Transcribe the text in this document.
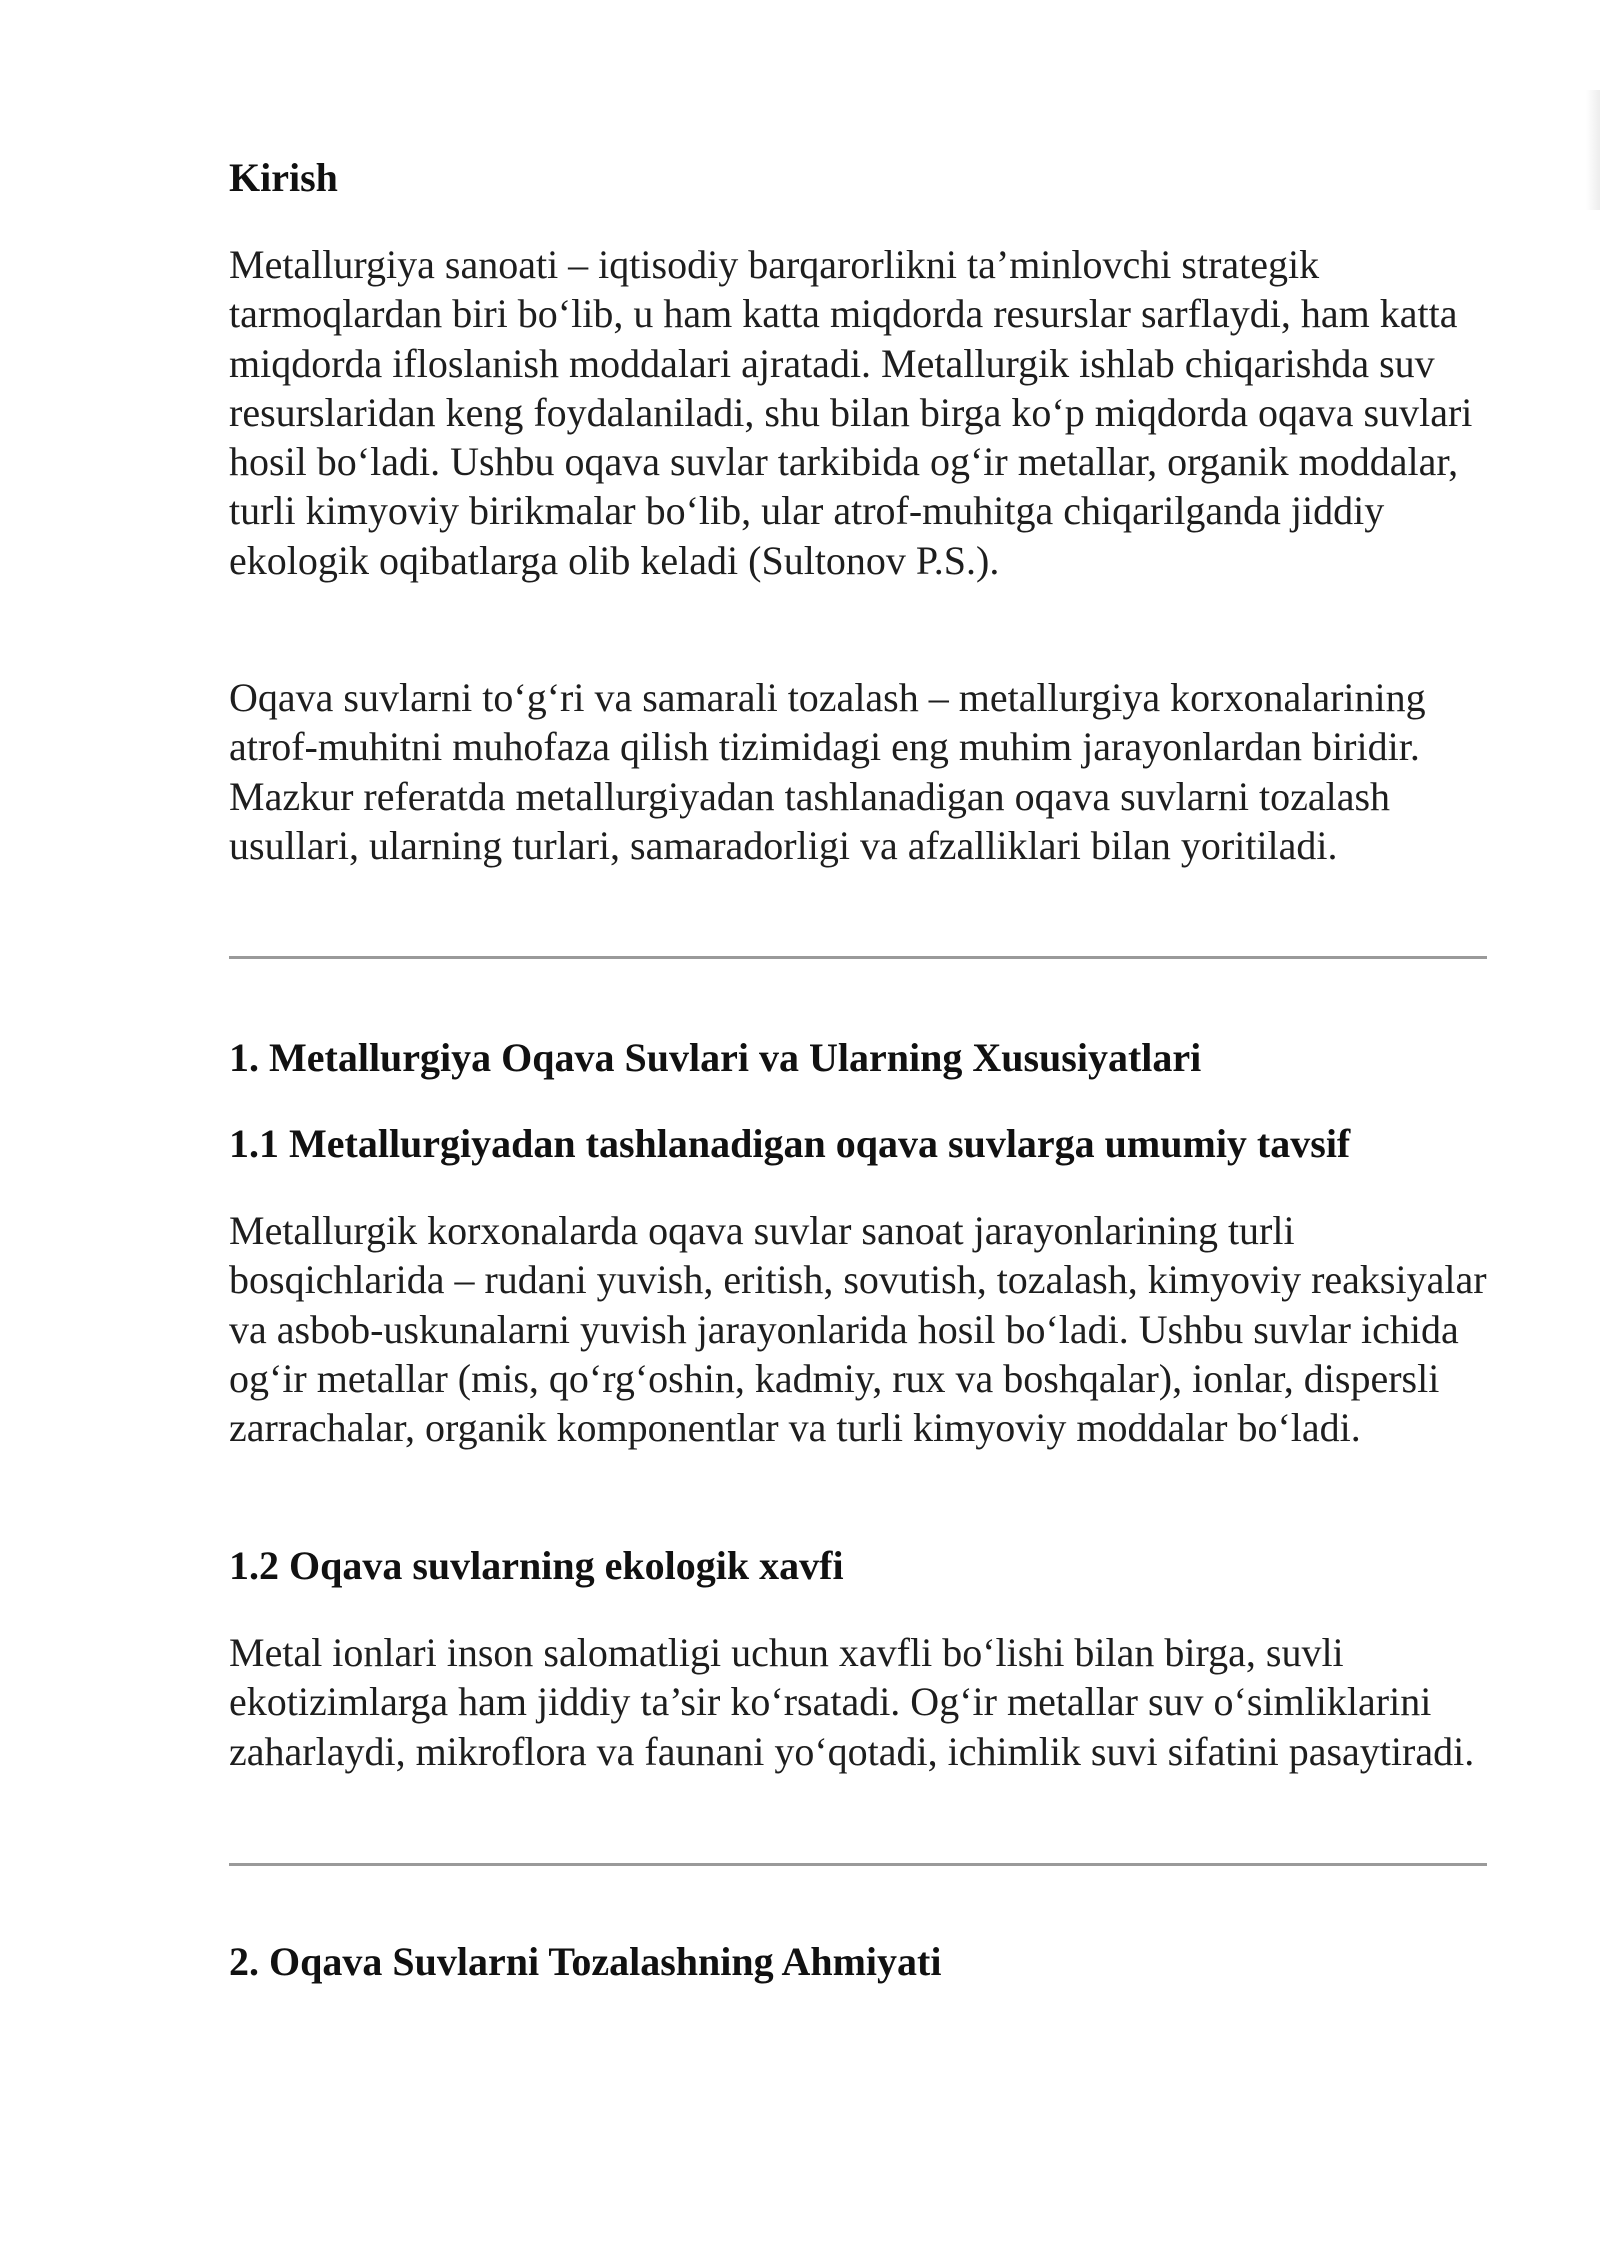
Kirish

Metallurgiya sanoati – iqtisodiy barqarorlikni ta’minlovchi strategik tarmoqlardan biri bo‘lib, u ham katta miqdorda resurslar sarflaydi, ham katta miqdorda ifloslanish moddalari ajratadi. Metallurgik ishlab chiqarishda suv resurslaridan keng foydalaniladi, shu bilan birga ko‘p miqdorda oqava suvlari hosil bo‘ladi. Ushbu oqava suvlar tarkibida og‘ir metallar, organik moddalar, turli kimyoviy birikmalar bo‘lib, ular atrof-muhitga chiqarilganda jiddiy ekologik oqibatlarga olib keladi (Sultonov P.S.).

Oqava suvlarni to‘g‘ri va samarali tozalash – metallurgiya korxonalarining atrof-muhitni muhofaza qilish tizimidagi eng muhim jarayonlardan biridir. Mazkur referatda metallurgiyadan tashlanadigan oqava suvlarni tozalash usullari, ularning turlari, samaradorligi va afzalliklari bilan yoritiladi.

1. Metallurgiya Oqava Suvlari va Ularning Xususiyatlari
1.1 Metallurgiyadan tashlanadigan oqava suvlarga umumiy tavsif

Metallurgik korxonalarda oqava suvlar sanoat jarayonlarining turli bosqichlarida – rudani yuvish, eritish, sovutish, tozalash, kimyoviy reaksiyalar va asbob-uskunalarni yuvish jarayonlarida hosil bo‘ladi. Ushbu suvlar ichida og‘ir metallar (mis, qo‘rg‘oshin, kadmiy, rux va boshqalar), ionlar, dispersli zarrachalar, organik komponentlar va turli kimyoviy moddalar bo‘ladi.

1.2 Oqava suvlarning ekologik xavfi

Metal ionlari inson salomatligi uchun xavfli bo‘lishi bilan birga, suvli ekotizimlarga ham jiddiy ta’sir ko‘rsatadi. Og‘ir metallar suv o‘simliklarini zaharlaydi, mikroflora va faunani yo‘qotadi, ichimlik suvi sifatini pasaytiradi.

2. Oqava Suvlarni Tozalashning Ahmiyati
